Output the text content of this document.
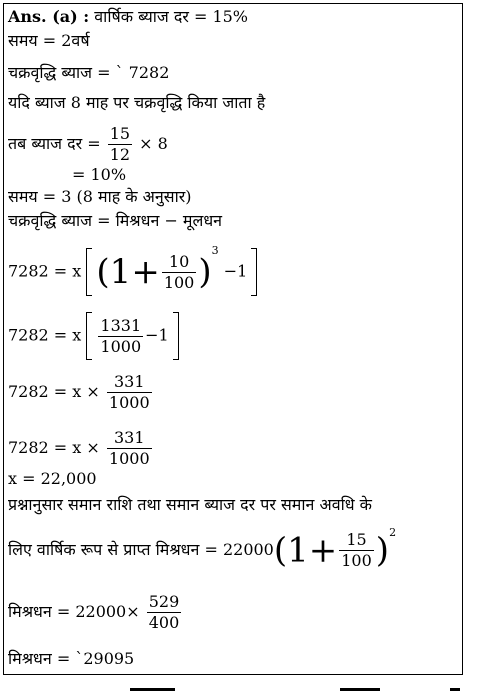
Ans. (a) : वार्षिक ब्याज दर = 15%
समय = 2वर्ष
चक्रवृद्धि ब्याज = ` 7282
यदि ब्याज 8 माह पर चक्रवृद्धि किया जाता है
तब ब्याज दर = $\frac{15}{12} \times 8$
= 10%
समय = 3 (8 माह के अनुसार)
चक्रवृद्धि ब्याज = मिश्रधन − मूलधन
7282 = x $(1+ \frac{10}{100} )^3 -1$
7282 = x $\frac{1331}{1000} -1$
$7282 = x \times \frac{331}{1000}$
$7282 = x \times \frac{331}{1000}$
x = 22,000
प्रश्नानुसार समान राशि तथा समान ब्याज दर पर समान अवधि के
लिए वार्षिक रूप से प्राप्त मिश्रधन = $22000(1+ \frac{15}{100} )^2$
मिश्रधन = $22000\times \frac{529}{400}$
मिश्रधन = `29095
